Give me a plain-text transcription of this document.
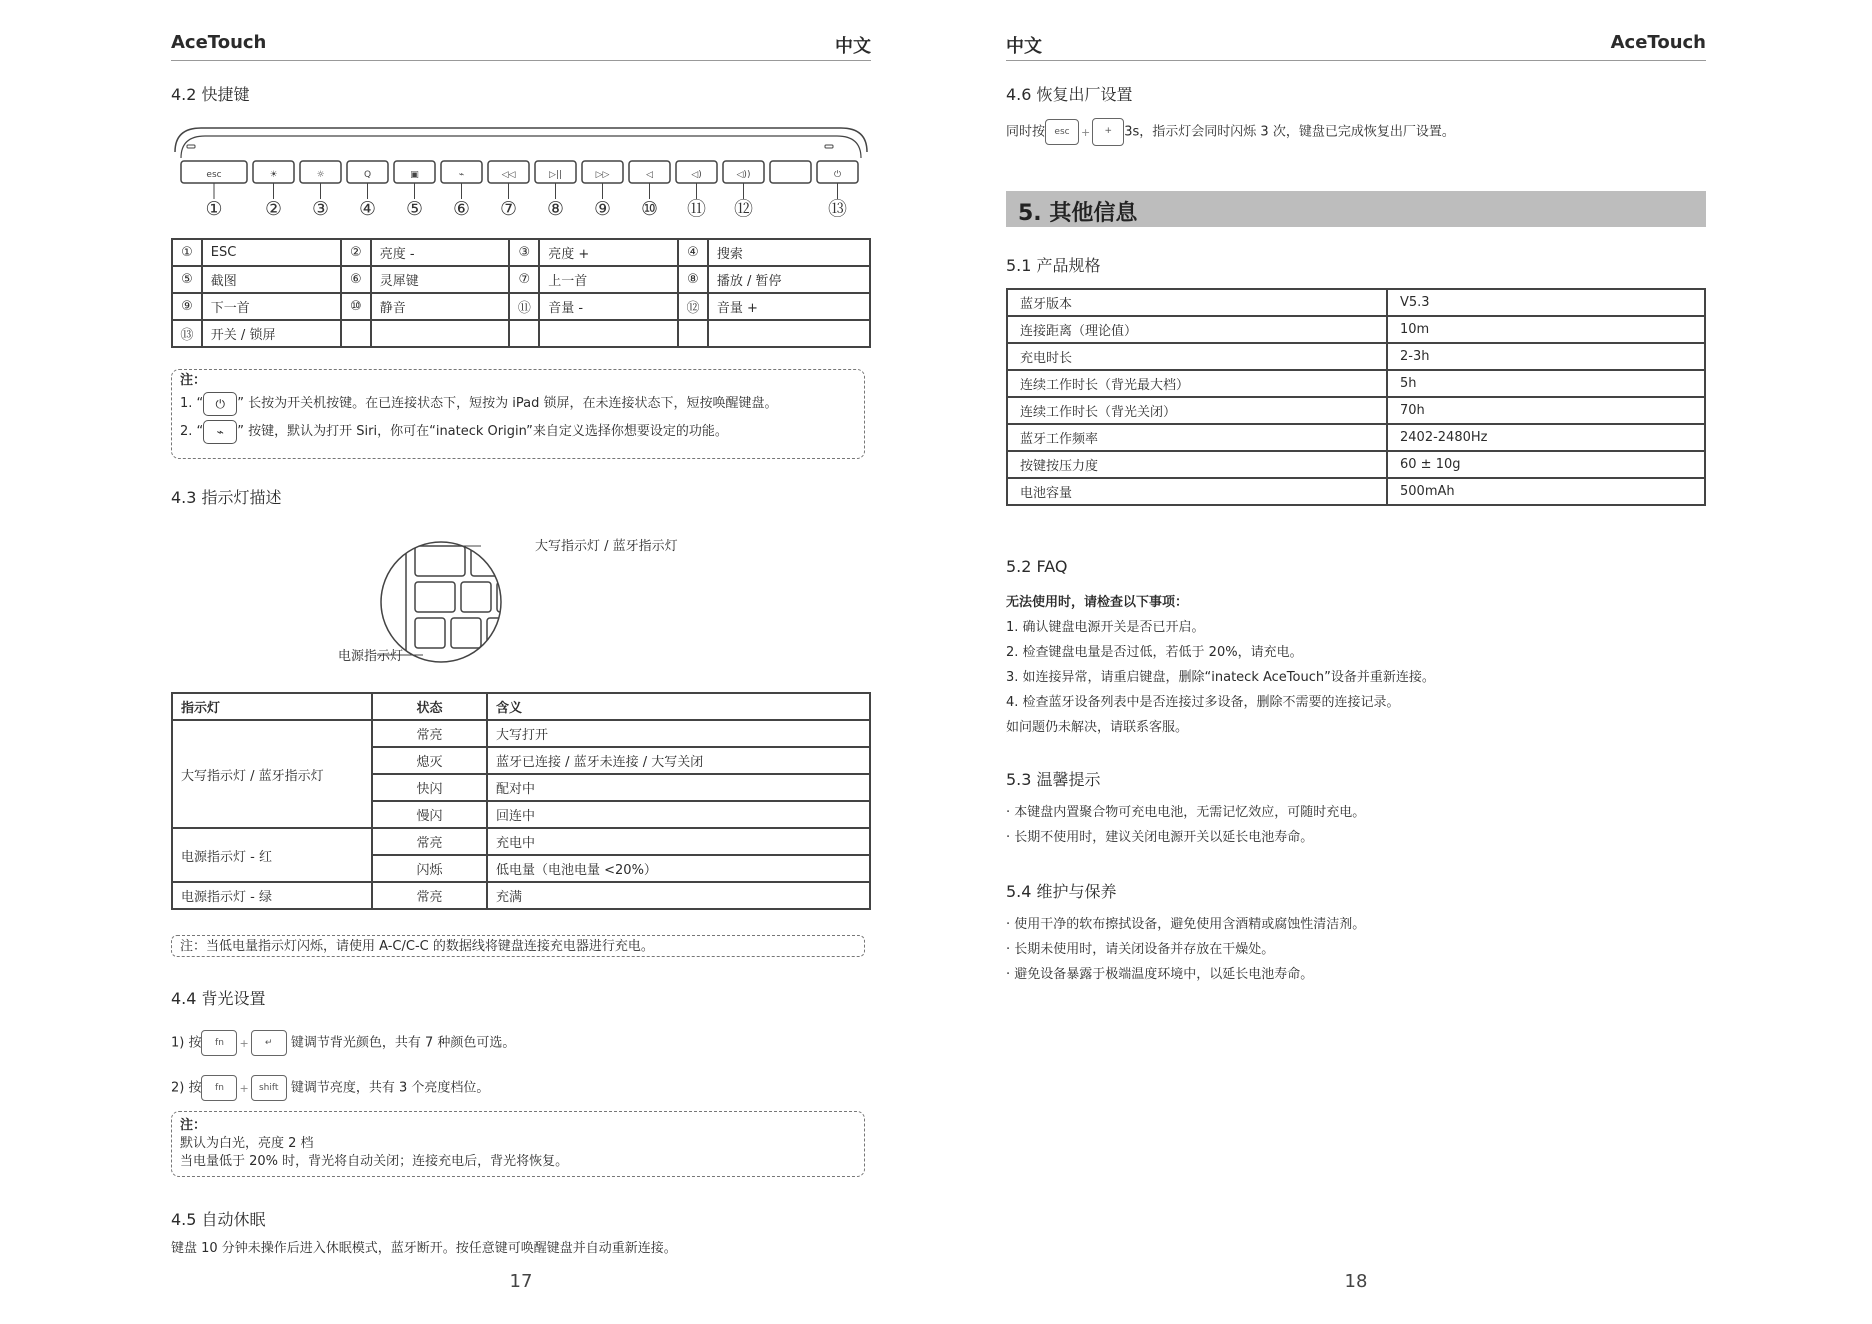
AceTouch	中文
4.2 快捷键
esc	☀	☼	Q	▣	⌁	◁◁	▷||	▷▷	◁	◁)	◁))	⏻
① ② ③ ④ ⑤ ⑥ ⑦ ⑧ ⑨ ⑩ ⑪ ⑫	⑬
①	ESC	②	亮度 -	③	亮度 +	④	搜索
⑤	截图	⑥	灵犀键	⑦	上一首	⑧	播放 / 暂停
⑨	下一首	⑩	静音	⑪	音量 -	⑫	音量 +
⑬	开关 / 锁屏						
注：
1. “ ⏻ ” 长按为开关机按键。在已连接状态下，短按为 iPad 锁屏，在未连接状态下，短按唤醒键盘。
2. “ ⌁ ” 按键，默认为打开 Siri，你可在“inateck Origin”来自定义选择你想要设定的功能。
4.3 指示灯描述
大写指示灯 / 蓝牙指示灯
电源指示灯
指示灯	状态	含义
大写指示灯 / 蓝牙指示灯	常亮	大写打开
	熄灭	蓝牙已连接 / 蓝牙未连接 / 大写关闭
	快闪	配对中
	慢闪	回连中
电源指示灯 - 红	常亮	充电中
	闪烁	低电量（电池电量 <20%）
电源指示灯 - 绿	常亮	充满
注：当低电量指示灯闪烁，请使用 A-C/C-C 的数据线将键盘连接充电器进行充电。
4.4 背光设置
1) 按 fn + ↵ 键调节背光颜色，共有 7 种颜色可选。
2) 按 fn + shift 键调节亮度，共有 3 个亮度档位。
注：
默认为白光，亮度 2 档
当电量低于 20% 时，背光将自动关闭；连接充电后，背光将恢复。
4.5 自动休眠
键盘 10 分钟未操作后进入休眠模式，蓝牙断开。按任意键可唤醒键盘并自动重新连接。
17
中文	AceTouch
4.6 恢复出厂设置
同时按 esc + + 3s，指示灯会同时闪烁 3 次，键盘已完成恢复出厂设置。
5. 其他信息
5.1 产品规格
蓝牙版本	V5.3
连接距离（理论值）	10m
充电时长	2-3h
连续工作时长（背光最大档）	5h
连续工作时长（背光关闭）	70h
蓝牙工作频率	2402-2480Hz
按键按压力度	60 ± 10g
电池容量	500mAh
5.2 FAQ
无法使用时，请检查以下事项：
1. 确认键盘电源开关是否已开启。
2. 检查键盘电量是否过低，若低于 20%，请充电。
3. 如连接异常，请重启键盘，删除“inateck AceTouch”设备并重新连接。
4. 检查蓝牙设备列表中是否连接过多设备，删除不需要的连接记录。
如问题仍未解决，请联系客服。
5.3 温馨提示
· 本键盘内置聚合物可充电电池，无需记忆效应，可随时充电。
· 长期不使用时，建议关闭电源开关以延长电池寿命。
5.4 维护与保养
· 使用干净的软布擦拭设备，避免使用含酒精或腐蚀性清洁剂。
· 长期未使用时，请关闭设备并存放在干燥处。
· 避免设备暴露于极端温度环境中，以延长电池寿命。
18
